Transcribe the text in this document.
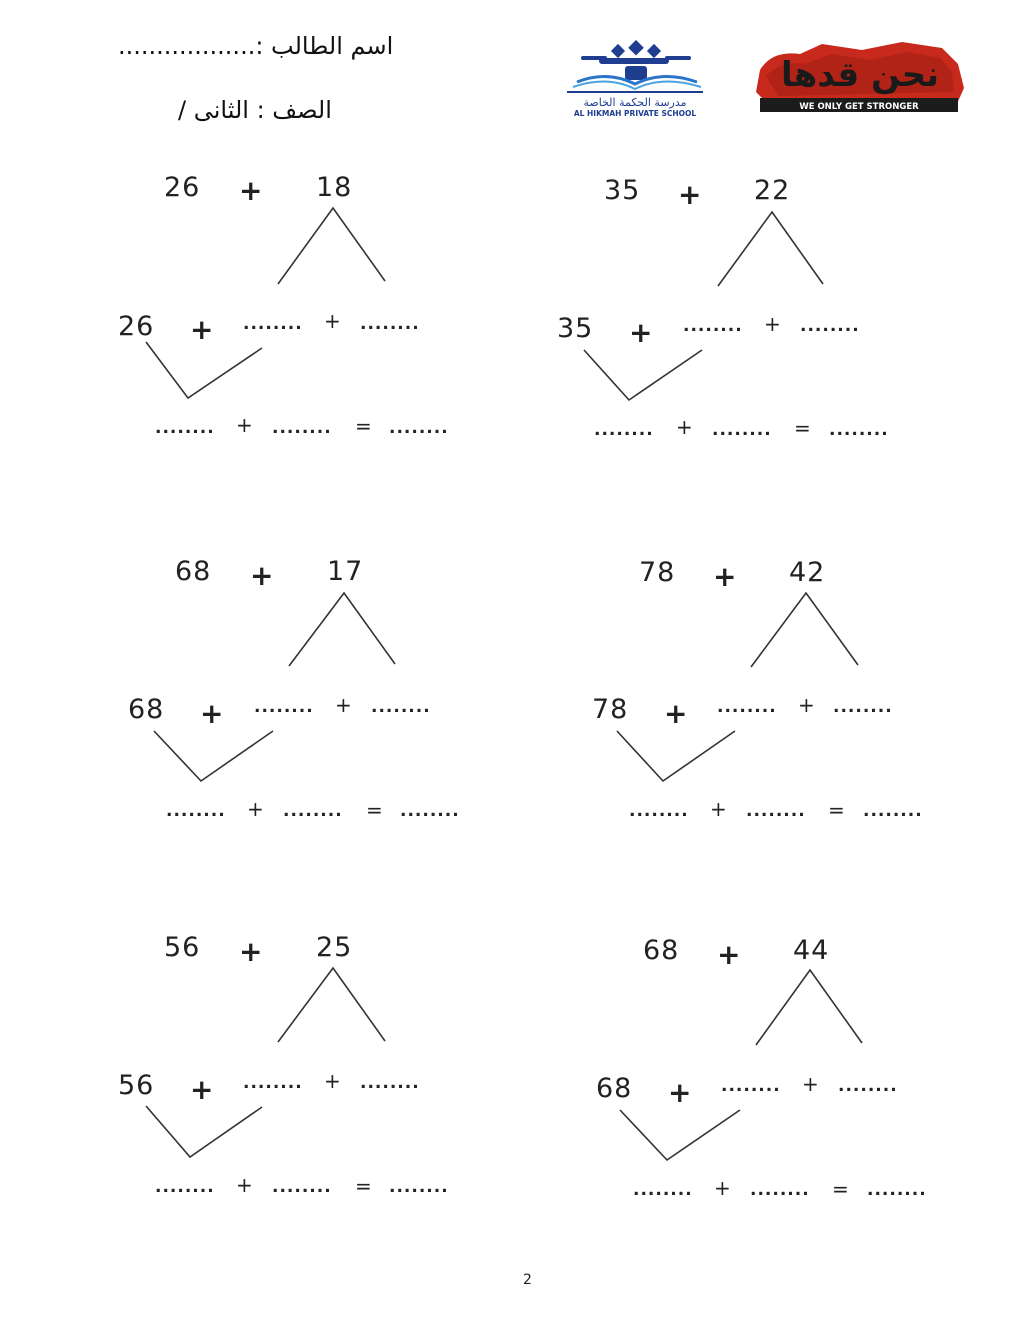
اسم الطالب :..................
الصف : الثانى /	مدرسة الحكمة الخاصة
AL HIKMAH PRIVATE SCHOOL
نحن قدها
WE ONLY GET STRONGER
26 + 18
26 + ........ + ........
........ + ........ = ........
35 + 22
35 + ........ + ........
........ + ........ = ........
68 + 17
68 + ........ + ........
........ + ........ = ........
78 + 42
78 + ........ + ........
........ + ........ = ........
56 + 25
56 + ........ + ........
........ + ........ = ........
68 + 44
68 + ........ + ........
........ + ........ = ........
2
